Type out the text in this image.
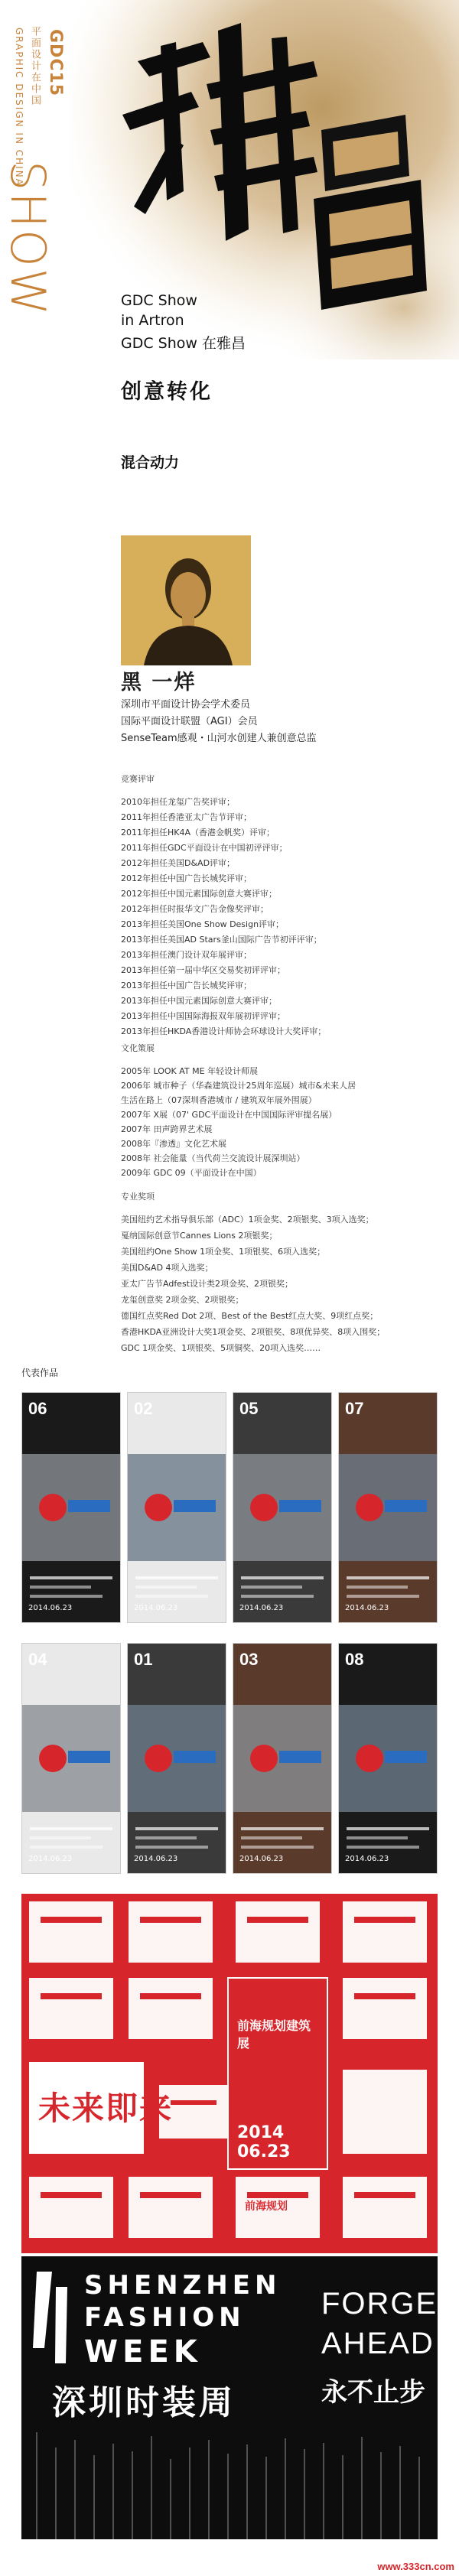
GDC15
平面设计在中国
GRAPHIC DESIGN IN CHINA
SHOW	GDC Show
in Artron
GDC Show 在雅昌
创意转化
混合动力
黑 一烊
深圳市平面设计协会学术委员
国际平面设计联盟（AGI）会员
SenseTeam感观・山河水创建人兼创意总监
竞赛评审
2010年担任龙玺广告奖评审；
2011年担任香港亚太广告节评审；
2011年担任HK4A（香港金帆奖）评审；
2011年担任GDC平面设计在中国初评评审；
2012年担任美国D&AD评审；
2012年担任中国广告长城奖评审；
2012年担任中国元素国际创意大赛评审；
2012年担任时报华文广告金像奖评审；
2013年担任美国One Show Design评审；
2013年担任美国AD Stars釜山国际广告节初评评审；
2013年担任澳门设计双年展评审；
2013年担任第一届中华区交易奖初评评审；
2013年担任中国广告长城奖评审；
2013年担任中国元素国际创意大赛评审；
2013年担任中国国际海报双年展初评评审；
2013年担任HKDA香港设计师协会环球设计大奖评审；
文化策展
2005年 LOOK AT ME 年轻设计师展
2006年 城市种子（华森建筑设计25周年巡展）城市&未来人居
生活在路上（07深圳香港城市 / 建筑双年展外围展）
2007年 X展（07' GDC平面设计在中国国际评审提名展）
2007年 田声跨界艺术展
2008年『渗透』文化艺术展
2008年 社会能量（当代荷兰交流设计展深圳站）
2009年 GDC 09（平面设计在中国）
专业奖项
美国纽约艺术指导俱乐部（ADC）1项金奖、2项银奖、3项入选奖；
戛纳国际创意节Cannes Lions 2项银奖；
美国纽约One Show 1项金奖、1项银奖、6项入选奖；
美国D&AD 4项入选奖；
亚太广告节Adfest设计类2项金奖、2项银奖；
龙玺创意奖 2项金奖、2项银奖；
德国红点奖Red Dot 2项、Best of the Best红点大奖、9项红点奖；
香港HKDA亚洲设计大奖1项金奖、2项银奖、8项优异奖、8项入围奖；
GDC 1项金奖、1项银奖、5项铜奖、20项入选奖……
代表作品
06
2014.06.23
02
2014.06.23
05
2014.06.23
07
2014.06.23
04
2014.06.23
01
2014.06.23
03
2014.06.23
08
2014.06.23
未来即来
前海规划建筑展
2014 06.23
前海规划
SHENZHEN
FASHION
WEEK
深圳时装周
FORGE
AHEAD
永不止步
www.333cn.com
